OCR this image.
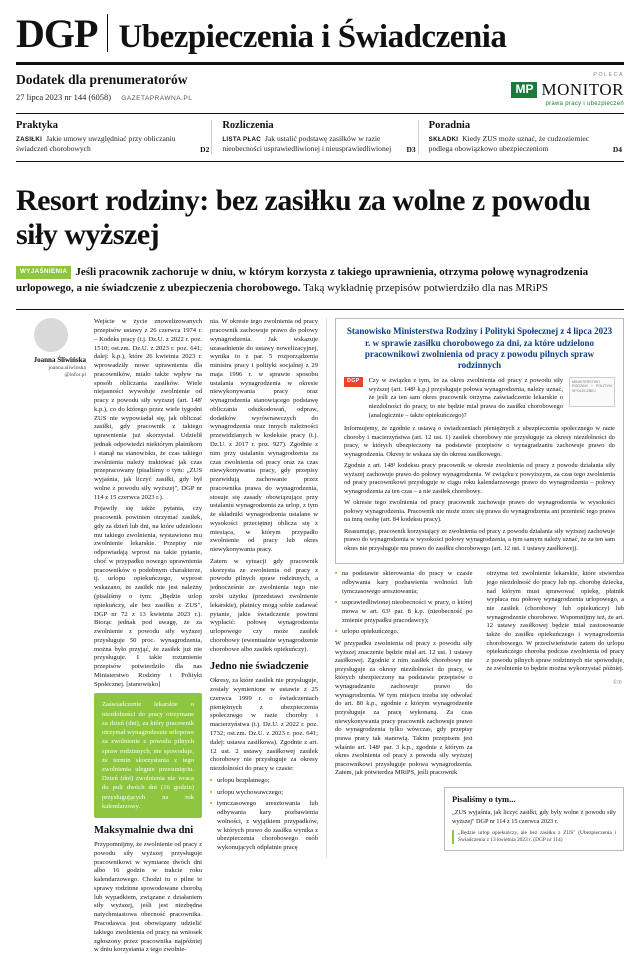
DGP Ubezpieczenia i Świadczenia
Dodatek dla prenumeratorów
27 lipca 2023 nr 144 (6058) GAZETAPRAWNA.PL
POLECA
MP MONITOR
prawa pracy i ubezpieczeń
Praktyka
ZASIŁKI Jakie umowy uwzględniać przy obliczaniu świadczeń chorobowych	D2
Rozliczenia
LISTA PŁAC Jak ustalić podstawę zasiłków w razie nieobecności usprawiedliwionej i nieusprawiedliwionej	D3
Poradnia
SKŁADKI Kiedy ZUS może uznać, że cudzoziemiec podlega obowiązkowo ubezpieczeniom	D4
Resort rodziny: bez zasiłku za wolne z powodu siły wyższej
WYJAŚNIENIA Jeśli pracownik zachoruje w dniu, w którym korzysta z takiego uprawnienia, otrzyma połowę wynagrodzenia urlopowego, a nie świadczenie z ubezpieczenia chorobowego. Taką wykładnię przepisów potwierdziło dla nas MRiPS
Joanna Śliwińska
joanna.sliwinska
@infor.pl

Wejście w życie znowelizowanych przepisów ustawy z 26 czerwca 1974 r. – Kodeks pracy (t.j. Dz.U. z 2022 r. poz. 1510; ost.zm. Dz.U. z 2023 r. poz. 641; dalej: k.p.), które 26 kwietnia 2023 r. wprowadziły nowe uprawnienia dla pracowników, miało także wpływ na sposób obliczania zasiłków. Wiele niejasności wywołuje zwolnienie od pracy z powodu siły wyższej (art. 148' k.p.), co do którego przez wiele tygodni ZUS nie wypowiadał się, jak obliczać zasiłki, gdy pracownik z takiego uprawnienia już skorzystał. Udzielił jednak odpowiedzi niektórym płatnikom i stanął na stanowisku, że czas takiego zwolnienia należy traktować jak czas przepracowany (pisaliśmy o tym: „ZUS wyjaśnia, jak liczyć zasiłki, gdy był wolne z powodu siły wyższej", DGP nr 114 z 15 czerwca 2023 r.).

Pojawiły się także pytania, czy pracownik powinien otrzymać zasiłek, gdy za dzień lub dni, na które udzielono mu takiego zwolnienia, wystawiono mu zwolnienie lekarskie. Przepisy nie odpowiadają wprost na takie pytanie, choć w przypadku nowego uprawnienia pracowników o podobnym charakterze, tj. urlopu opiekuńczego, wyprost wskazano, że zasiłek nie jest należny (pisaliśmy o tym: „Będzie urlop opiekuńczy, ale bez zasiłku z ZUS", DGP nr 72 z 13 kwietnia 2023 r.). Biorąc jednak pod uwagę, że za zwolnienie z powodu siły wyższej przysługuje 50 proc. wynagrodzenia, można było przyjąć, że zasiłek już nie przysługuje. I takie rozumienie przepisów potwierdziło dla nas Ministerstwo Rodziny i Polityki Społecznej. [stanowisko]

Zaświadczenie lekarskie o niezdolności do pracy otrzymane za dzień (dni), za który pracownik otrzymał wynagrodzenie urlopowe za zwolnienie z powodu pilnych spraw rodzinnych, nie spowoduje, że termin skorzystania z tego zwolnienia ulegnie przesunięciu. Dzień (dni) zwolnienia nie wraca do puli dwóch dni (16 godzin) przysługujących na rok kalendarzowy.
Maksymalnie dwa dni

Przypomnijmy, że zwolnienie od pracy z powodu siły wyższej przysługuje pracownikowi w wymiarze dwóch dni albo 16 godzin w trakcie roku kalendarzowego. Chodzi tu o pilne te sprawy rodzinne spowodowane chorobą lub wypadkiem, związane z działaniem siły wyższej, jeśli jest niezbędna natychmiastowa obecność pracownika. Pracodawca jest obowiązany udzielić takiego zwolnienia od pracy na wniosek zgłoszony przez pracownika najpóźniej w dniu korzystania z tego zwolnie-

nia. W okresie tego zwolnienia od pracy pracownik zachowuje prawo do połowy wynagrodzenia. Jak wskazuje uzasadnienie do ustawy nowelizacyjnej, wynika to z par. 5 rozporządzenia ministra pracy i polityki socjalnej z 29 maja 1996 r. w sprawie sposobu ustalania wynagrodzenia w okresie niewykonywania pracy oraz wynagrodzenia stanowiącego podstawę obliczania odszkodowań, odpraw, dodatków wyrównawczych do wynagrodzenia oraz innych należności przewidzianych w kodeksie pracy (t.j. Dz.U. z 2017 r. poz. 927). Zgodnie z nim przy ustalaniu wynagrodzenia za czas zwolnienia od pracy oraz za czas niewykonywania pracy, gdy przepisy przewidują zachowanie przez pracownika prawa do wynagrodzenia, stosuje się zasady obowiązujące przy ustalaniu wynagrodzenia za urlop, z tym że składniki wynagrodzenia ustalane w wysokości przeciętnej oblicza się z miesiąca, w którym przypadło zwolnienie od pracy lub okres niewykonywania pracy.

Zatem w sytuacji gdy pracownik skorzysta ze zwolnienia od pracy z powodu pilnych spraw rodzinnych, a jednocześnie ze zwolnienia tego nie zrobi użytku (przedstawi zwolnienie lekarskie), płatnicy mogą sobie zadawać pytanie, jakie świadczenie powinni wypłacić: połowę wynagrodzenia urlopowego czy może zasiłek chorobowy (ewentualnie wynagrodzenie chorobowe albo zasiłek opiekuńczy).

Jedno nie świadczenie

Okresy, za które zasiłek nie przysługuje, zostały wymienione w ustawie z 25 czerwca 1999 r. o świadczeniach pieniężnych z ubezpieczenia społecznego w razie choroby i macierzyństwa (t.j. Dz.U. z 2022 r. poz. 1732; ost.zm. Dz.U. z 2023 r. poz. 641; dalej: ustawa zasiłkowa). Zgodnie z art. 12 ust. 2 ustawy zasiłkowej zasiłek chorobowy nie przysługuje za okresy niezdolności do pracy w czasie:

■ urlopu bezpłatnego;

■ urlopu wychowawczego;

■ tymczasowego aresztowania lub odbywania kary pozbawienia wolności, z wyjątkiem przypadków, w których prawo do zasiłku wynika z ubezpieczenia chorobowego osób wykonujących odpłatnie pracę

Stanowisko Ministerstwa Rodziny i Polityki Społecznej z 4 lipca 2023 r. w sprawie zasiłku chorobowego za dni, za które udzielono pracownikowi zwolnienia od pracy z powodu pilnych spraw rodzinnych
DGP	Czy w związku z tym, że za okres zwolnienia od pracy z powodu siły wyższej (art. 148¹ k.p.) przysługuje połowa wynagrodzenia, należy uznać, że jeśli za ten sam okres pracownik otrzyma zaświadczenie lekarskie o niezdolności do pracy, to nie będzie miał prawa do zasiłku chorobowego (analogicznie – także opiekuńczego)?
MINISTERSTWO RODZINY I POLITYKI SPOŁECZNEJ

Informujemy, że zgodnie z ustawą o świadczeniach pieniężnych z ubezpieczenia społecznego w razie choroby i macierzyństwa (art. 12 ust. 1) zasiłek chorobowy nie przysługuje za okresy niezdolności do pracy, w których ubezpieczony na podstawie przepisów o wynagradzaniu zachowuje prawo do wynagrodzenia. Okresy te wskaza się do okresu zasiłkowego.

Zgodnie z art. 148¹ kodeksu pracy pracownik w okresie zwolnienia od pracy z powodu działania siły wyższej zachowuje prawo do połowy wynagrodzenia. W związku z powyższym, za czas tego zwolnienia od pracy pracownikowi przysługuje w ciągu roku kalendarzowego prawo do wynagrodzenia – połowy wynagrodzenia za ten czas – a nie zasiłek chorobowy.

W okresie tego zwolnienia od pracy pracownik zachowuje prawo do wynagrodzenia w wysokości połowy wynagrodzenia. Pracownik nie może zrzec się prawa do wynagrodzenia ani przenieść tego prawa na inną osobę (art. 84 kodeksu pracy).

Reasumując, pracownik korzystający ze zwolnienia od pracy z powodu działania siły wyższej zachowuje prawo do wynagrodzenia w wysokości połowy wynagrodzenia, a tym samym należy uznać, że za ten sam okres nie przysługuje mu prawo do zasiłku chorobowego (art. 12 ust. 1 ustawy zasiłkowej).

■ na podstawie skierowania do pracy w czasie odbywania kary pozbawienia wolności lub tymczasowego aresztowania;

■ usprawiedliwionej nieobecności w pracy, o której mowa w art. 63¹ par. 8 k.p. (nieobecność po zmienie przypadku pracodawcy);

■ urlopu opiekuńczego.

W przypadku zwolnienia od pracy z powodu siły wyższej znaczenie będzie miał art. 12 ust. 1 ustawy zasiłkowej. Zgodnie z nim zasiłek chorobowy nie przysługuje za okresy niezdolności do pracy, w których ubezpieczony na podstawie przepisów o wynagradzaniu zachowuje prawo do wynagrodzenia. W tym miejscu trzeba się odwołać do art. 80 k.p., zgodnie z którym wynagrodzenie przysługuje za pracę wykonaną. Za czas niewykonywania pracy pracownik zachowuje prawo do wynagrodzenia tylko wówczas, gdy przepisy prawa pracy tak stanowią. Takim przepisem jest właśnie art. 148¹ par. 3 k.p., zgodnie z którym za okres zwolnienia od pracy z powodu siły wyższej pracownikowi przysługuje połowa wynagrodzenia. Zatem, jak potwierdza MRiPS, jeśli pracownik

otrzyma też zwolnienie lekarskie, które stwierdza jego niezdolność do pracy lub np. chorobę dziecka, nad którym musi sprawować opiekę, płatnik wypłaca mu połowę wynagrodzenia urlopowego, a nie zasiłek (chorobowy lub opiekuńczy) lub wynagrodzenie chorobowe. Wspomnijmy też, że art. 12 ustawy zasiłkowej będzie miał zastosowanie także do zasiłku opiekuńczego i wynagrodzenia chorobowego. W przeciwieństwie zatem do urlopu opiekuńczego choroba podczas zwolnienia od pracy z powodu pilnych spraw rodzinnych nie spowoduje, że zwolnienie to będzie można wykorzystać później.

©℗
Pisaliśmy o tym...
„ZUS wyjaśnia, jak liczyć zasiłki, gdy były wolne z powodu siły wyższej" DGP nr 114 z 15 czerwca 2023 r.
„Będzie urlop opiekuńczy, ale bez zasiłku z ZUS" (Ubezpieczenia i Świadczenia z 13 kwietnia 2023 r. (DGP nr 114)
